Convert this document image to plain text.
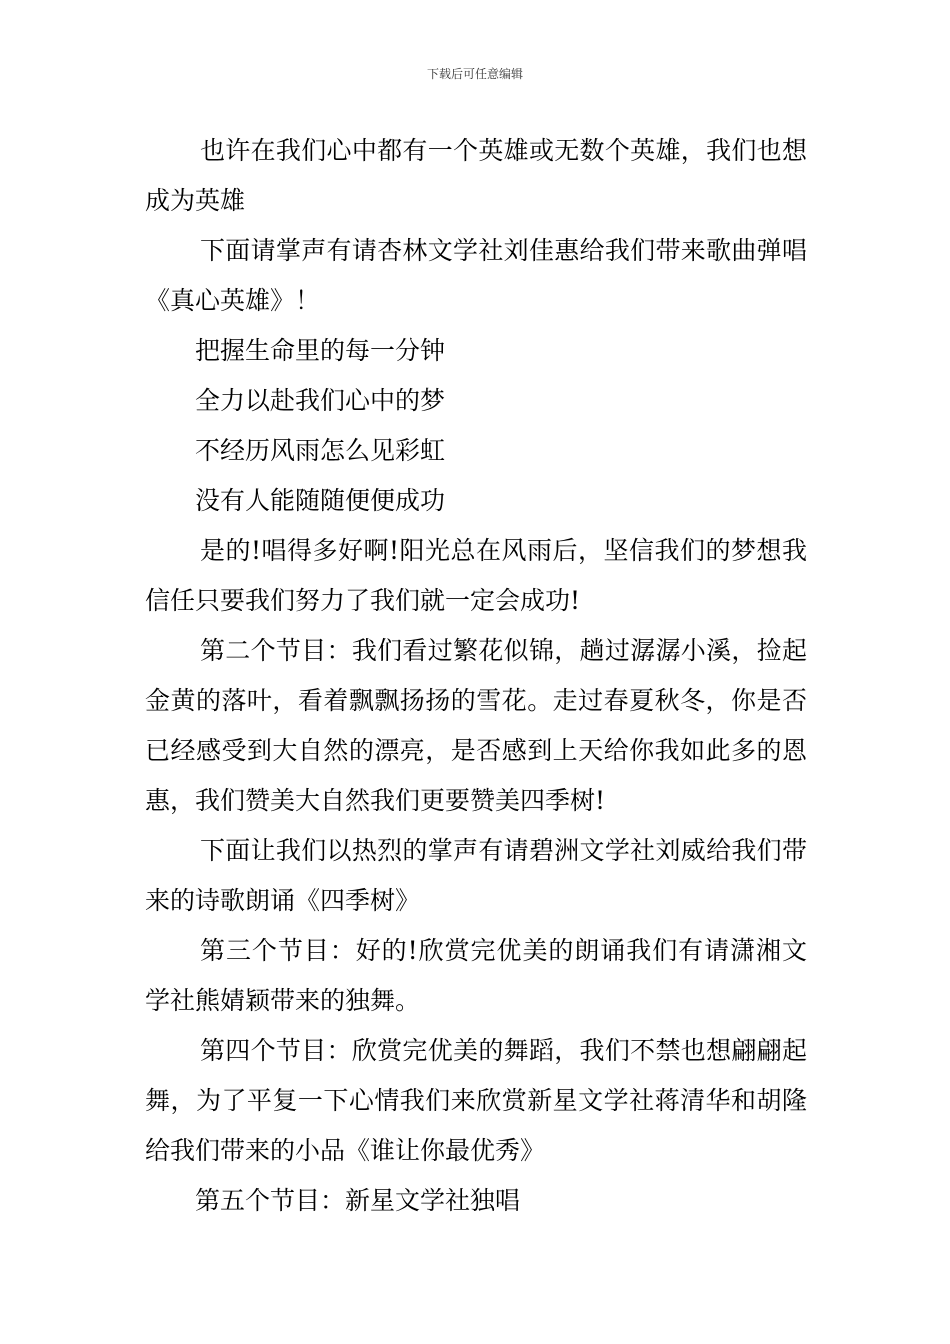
下载后可任意编辑

也许在我们心中都有一个英雄或无数个英雄，我们也想成为英雄

下面请掌声有请杏林文学社刘佳惠给我们带来歌曲弹唱《真心英雄》！

把握生命里的每一分钟

全力以赴我们心中的梦

不经历风雨怎么见彩虹

没有人能随随便便成功

是的!唱得多好啊!阳光总在风雨后，坚信我们的梦想我信任只要我们努力了我们就一定会成功!

第二个节目：我们看过繁花似锦，趟过潺潺小溪，捡起金黄的落叶，看着飘飘扬扬的雪花。走过春夏秋冬，你是否已经感受到大自然的漂亮，是否感到上天给你我如此多的恩惠，我们赞美大自然我们更要赞美四季树!

下面让我们以热烈的掌声有请碧洲文学社刘威给我们带来的诗歌朗诵《四季树》

第三个节目：好的!欣赏完优美的朗诵我们有请潇湘文学社熊婧颖带来的独舞。

第四个节目：欣赏完优美的舞蹈，我们不禁也想翩翩起舞，为了平复一下心情我们来欣赏新星文学社蒋清华和胡隆给我们带来的小品《谁让你最优秀》

第五个节目：新星文学社独唱
